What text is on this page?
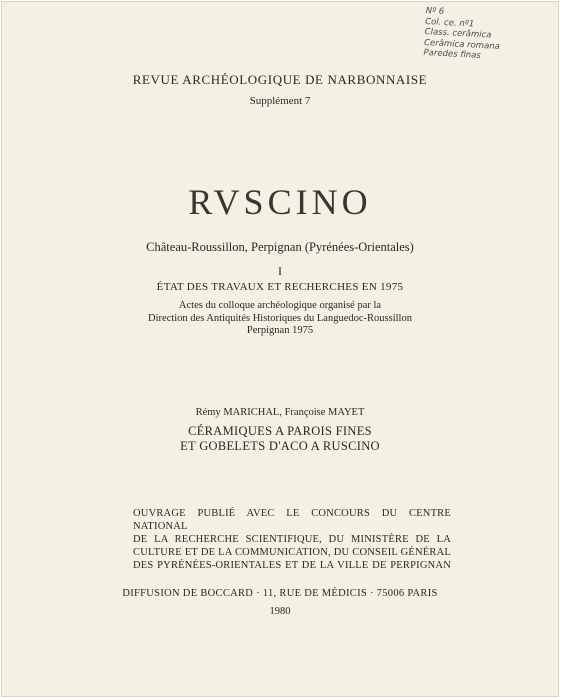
Nº 6
Col. ce. nº1
Class. cerâmica
Cerâmica romana
Paredes finas
REVUE ARCHÉOLOGIQUE DE NARBONNAISE
Supplément 7
RVSCINO
Château-Roussillon, Perpignan (Pyrénées-Orientales)
I
ÉTAT DES TRAVAUX ET RECHERCHES EN 1975
Actes du colloque archéologique organisé par la
Direction des Antiquités Historiques du Languedoc-Roussillon
Perpignan 1975
Rémy MARICHAL, Françoise MAYET
CÉRAMIQUES A PAROIS FINES
ET GOBELETS D'ACO A RUSCINO
OUVRAGE PUBLIÉ AVEC LE CONCOURS DU CENTRE NATIONAL
DE LA RECHERCHE SCIENTIFIQUE, DU MINISTÈRE DE LA
CULTURE ET DE LA COMMUNICATION, DU CONSEIL GÉNÉRAL
DES PYRÉNÉES-ORIENTALES ET DE LA VILLE DE PERPIGNAN
DIFFUSION DE BOCCARD · 11, RUE DE MÉDICIS · 75006 PARIS
1980
